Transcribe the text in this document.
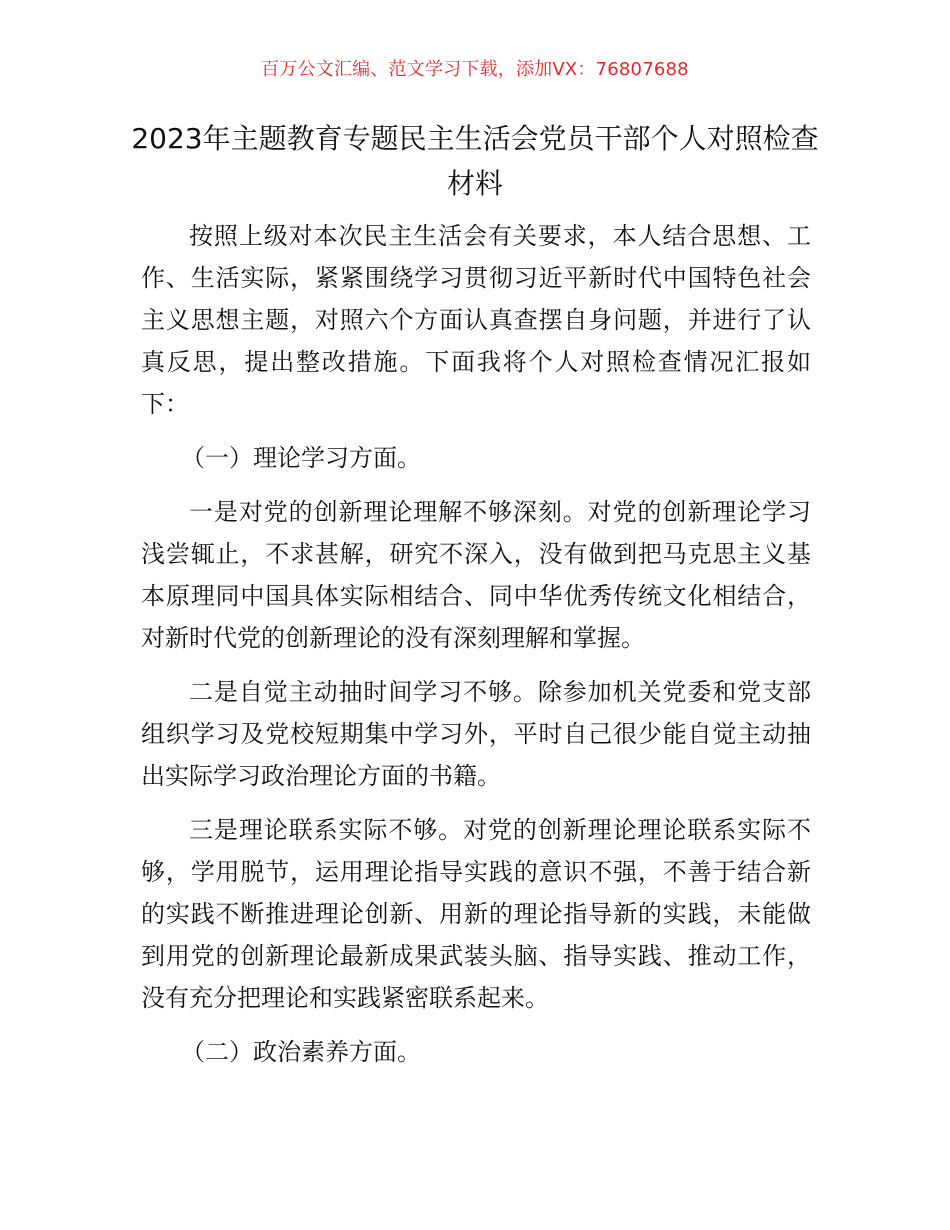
百万公文汇编、范文学习下载，添加VX：76807688
2023年主题教育专题民主生活会党员干部个人对照检查材料

按照上级对本次民主生活会有关要求，本人结合思想、工作、生活实际，紧紧围绕学习贯彻习近平新时代中国特色社会主义思想主题，对照六个方面认真查摆自身问题，并进行了认真反思，提出整改措施。下面我将个人对照检查情况汇报如下：

（一）理论学习方面。

一是对党的创新理论理解不够深刻。对党的创新理论学习浅尝辄止，不求甚解，研究不深入，没有做到把马克思主义基本原理同中国具体实际相结合、同中华优秀传统文化相结合，对新时代党的创新理论的没有深刻理解和掌握。

二是自觉主动抽时间学习不够。除参加机关党委和党支部组织学习及党校短期集中学习外，平时自己很少能自觉主动抽出实际学习政治理论方面的书籍。

三是理论联系实际不够。对党的创新理论理论联系实际不够，学用脱节，运用理论指导实践的意识不强，不善于结合新的实践不断推进理论创新、用新的理论指导新的实践，未能做到用党的创新理论最新成果武装头脑、指导实践、推动工作，没有充分把理论和实践紧密联系起来。

（二）政治素养方面。
